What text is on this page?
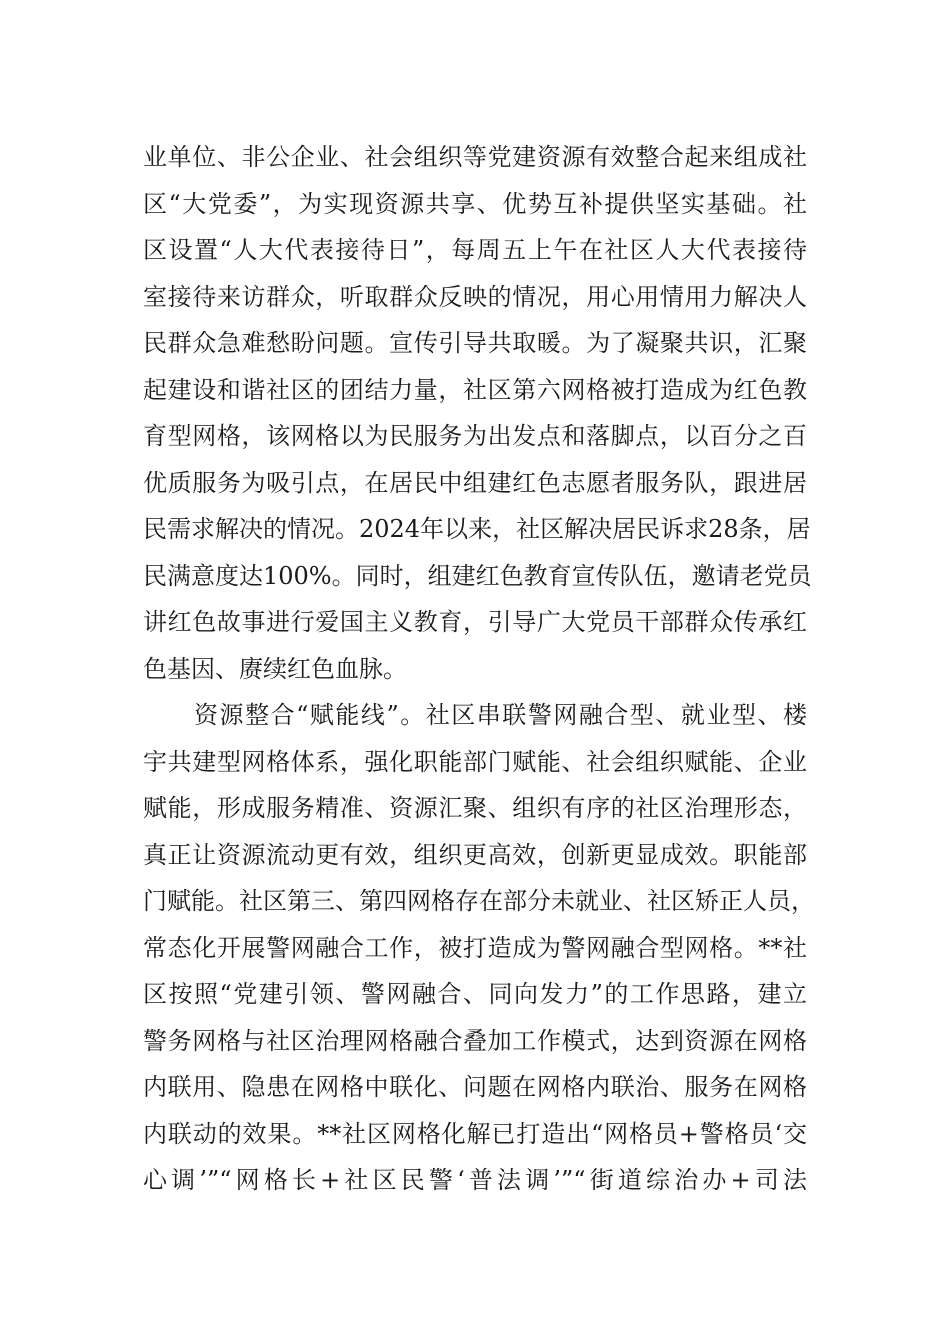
业单位、非公企业、社会组织等党建资源有效整合起来组成社
区“大党委”，为实现资源共享、优势互补提供坚实基础。社
区设置“人大代表接待日”，每周五上午在社区人大代表接待
室接待来访群众，听取群众反映的情况，用心用情用力解决人
民群众急难愁盼问题。宣传引导共取暖。为了凝聚共识，汇聚
起建设和谐社区的团结力量，社区第六网格被打造成为红色教
育型网格，该网格以为民服务为出发点和落脚点，以百分之百
优质服务为吸引点，在居民中组建红色志愿者服务队，跟进居
民需求解决的情况。2024年以来，社区解决居民诉求28条，居
民满意度达100%。同时，组建红色教育宣传队伍，邀请老党员
讲红色故事进行爱国主义教育，引导广大党员干部群众传承红
色基因、赓续红色血脉。
　　资源整合“赋能线”。社区串联警网融合型、就业型、楼
宇共建型网格体系，强化职能部门赋能、社会组织赋能、企业
赋能，形成服务精准、资源汇聚、组织有序的社区治理形态，
真正让资源流动更有效，组织更高效，创新更显成效。职能部
门赋能。社区第三、第四网格存在部分未就业、社区矫正人员，
常态化开展警网融合工作，被打造成为警网融合型网格。**社
区按照“党建引领、警网融合、同向发力”的工作思路，建立
警务网格与社区治理网格融合叠加工作模式，达到资源在网格
内联用、隐患在网格中联化、问题在网格内联治、服务在网格
内联动的效果。**社区网格化解已打造出“网格员+警格员‘交
心调’”“网格长+社区民警‘普法调’”“街道综治办+司法
